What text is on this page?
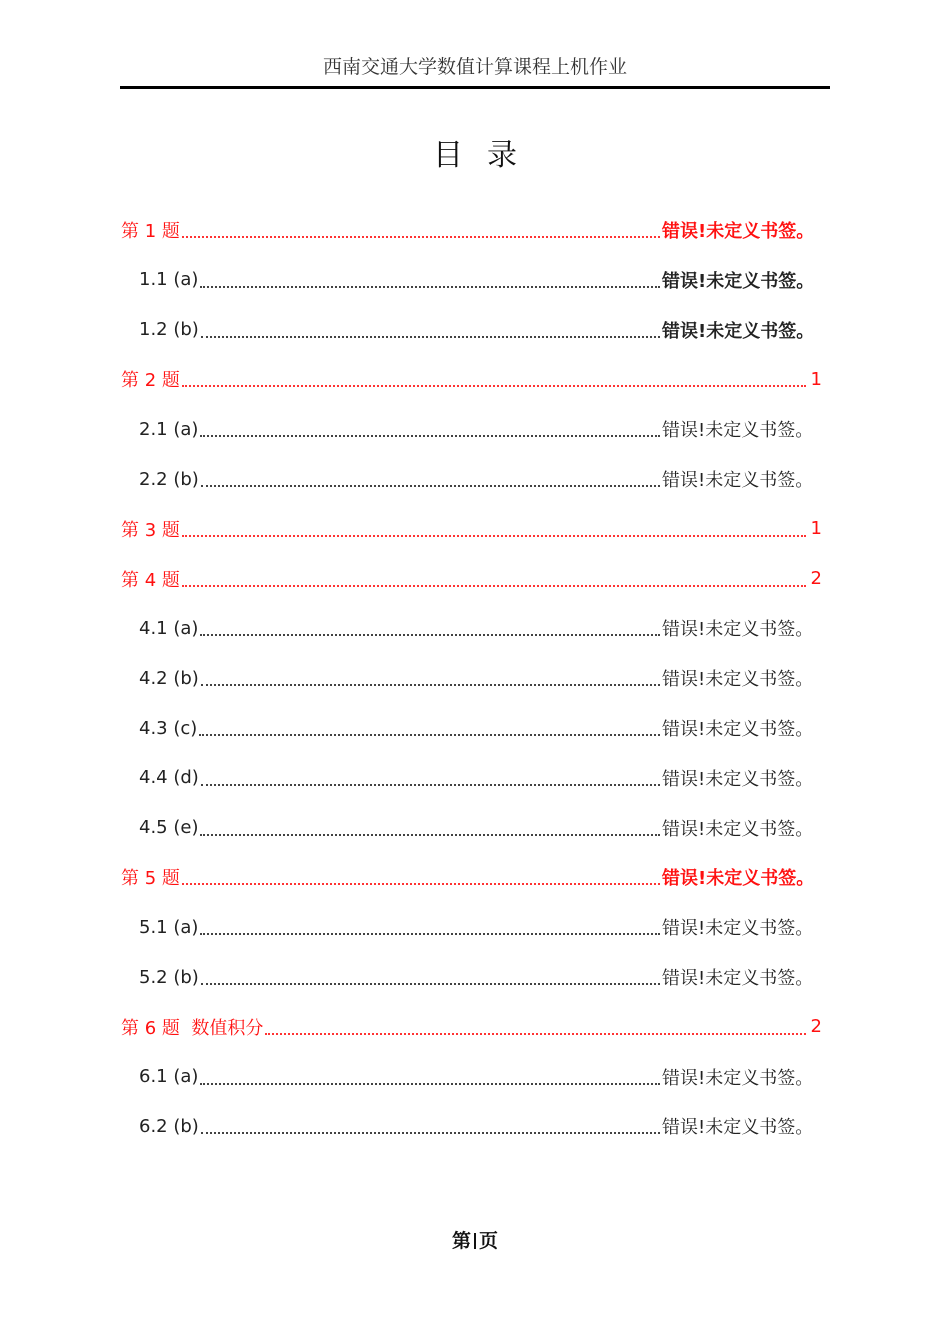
西南交通大学数值计算课程上机作业
目录
第 1 题	错误!未定义书签。
1.1 (a)	错误!未定义书签。
1.2 (b)	错误!未定义书签。
第 2 题	1
2.1 (a)	错误!未定义书签。
2.2 (b)	错误!未定义书签。
第 3 题	1
第 4 题	2
4.1 (a)	错误!未定义书签。
4.2 (b)	错误!未定义书签。
4.3 (c)	错误!未定义书签。
4.4 (d)	错误!未定义书签。
4.5 (e)	错误!未定义书签。
第 5 题	错误!未定义书签。
5.1 (a)	错误!未定义书签。
5.2 (b)	错误!未定义书签。
第 6 题  数值积分	2
6.1 (a)	错误!未定义书签。
6.2 (b)	错误!未定义书签。
第 页
